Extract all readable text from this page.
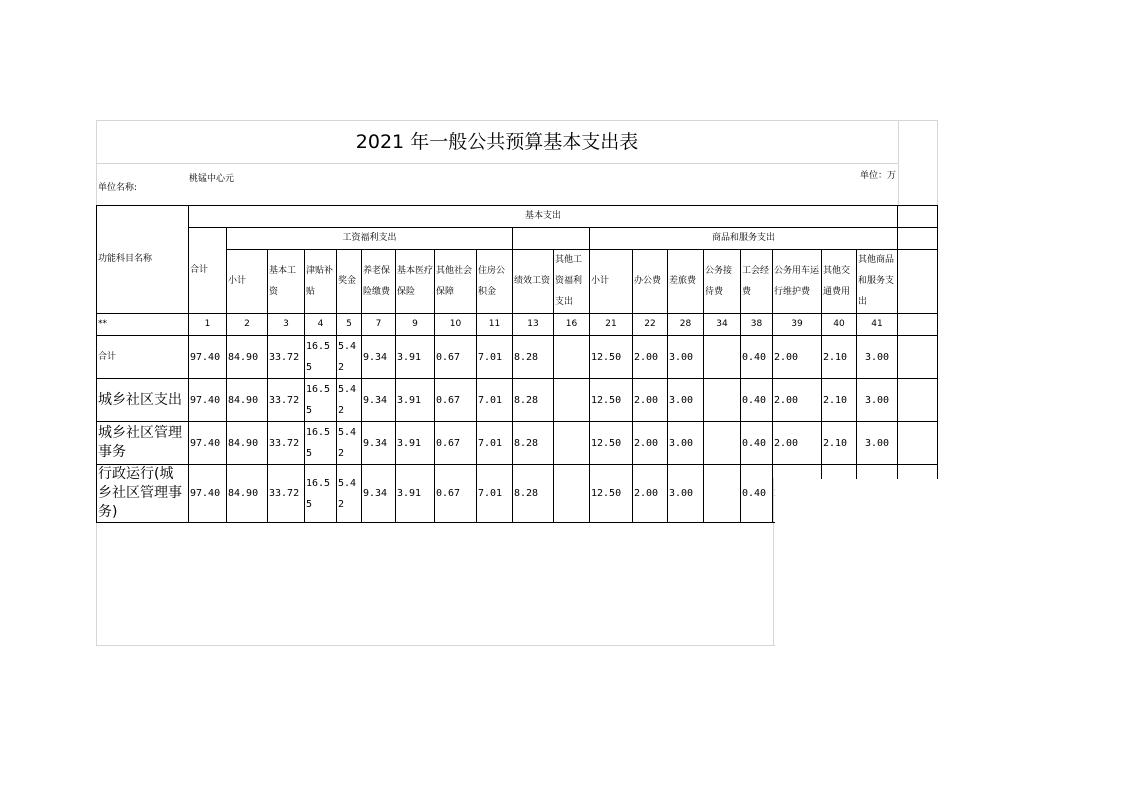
2021 年一般公共预算基本支出表
单位名称:
桃锰中心元	单位：万
功能科目名称	基本支出																			
	合计	工资福利支出										商品和服务支出								
		小计	基本工资	津贴补贴	奖金	养老保险缴费	基本医疗保险	其他社会保障	住房公积金	绩效工资	其他工资福利支出	小计	办公费	差旅费	公务接待费	工会经费	公务用车运行维护费	其他交通费用	其他商品和服务支出	
**	1	2	3	4	5	7	9	10	11	13	16	21	22	28	34	38	39	40	41	
合计	97.40	84.90	33.72	16.55	5.42	9.34	3.91	0.67	7.01	8.28		12.50	2.00	3.00		0.40	2.00	2.10	3.00	
城乡社区支出	97.40	84.90	33.72	16.55	5.42	9.34	3.91	0.67	7.01	8.28		12.50	2.00	3.00		0.40	2.00	2.10	3.00	
城乡社区管理事务	97.40	84.90	33.72	16.55	5.42	9.34	3.91	0.67	7.01	8.28		12.50	2.00	3.00		0.40	2.00	2.10	3.00	
行政运行(城乡社区管理事务)	97.40	84.90	33.72	16.55	5.42	9.34	3.91	0.67	7.01	8.28		12.50	2.00	3.00		0.40				
